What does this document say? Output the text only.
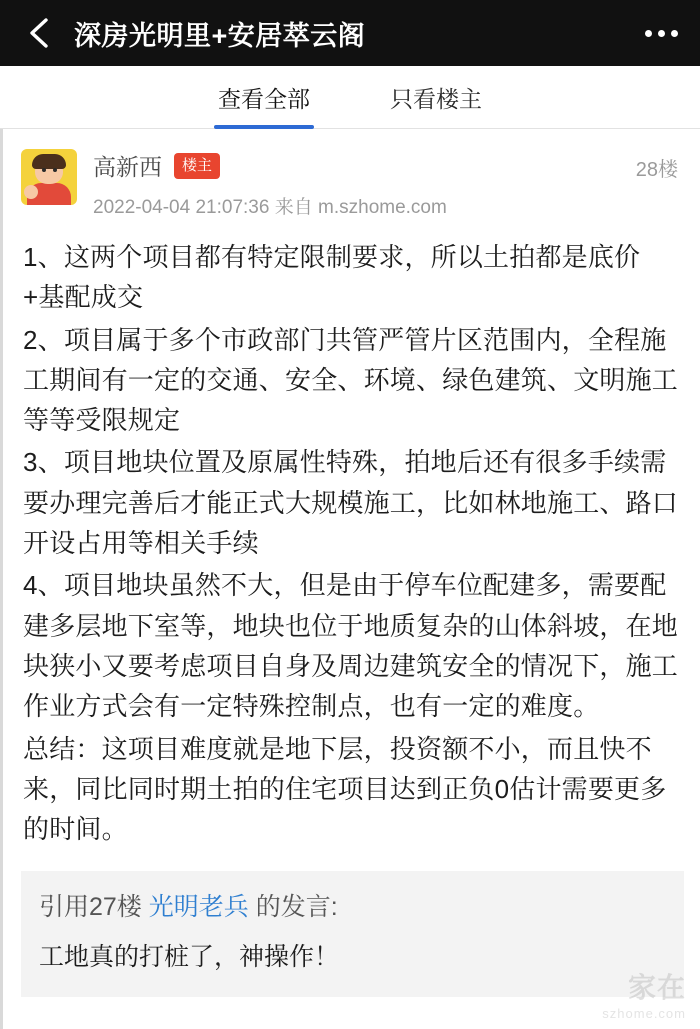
深房光明里+安居萃云阁
查看全部	只看楼主
高新西	楼主	28楼
2022-04-04 21:07:36 来自 m.szhome.com

1、这两个项目都有特定限制要求，所以土拍都是底价+基配成交

2、项目属于多个市政部门共管严管片区范围内，全程施工期间有一定的交通、安全、环境、绿色建筑、文明施工等等受限规定

3、项目地块位置及原属性特殊，拍地后还有很多手续需要办理完善后才能正式大规模施工，比如林地施工、路口开设占用等相关手续

4、项目地块虽然不大，但是由于停车位配建多，需要配建多层地下室等，地块也位于地质复杂的山体斜坡，在地块狭小又要考虑项目自身及周边建筑安全的情况下，施工作业方式会有一定特殊控制点，也有一定的难度。

总结：这项目难度就是地下层，投资额不小，而且快不来，同比同时期土拍的住宅项目达到正负0估计需要更多的时间。

引用27楼 光明老兵 的发言:
工地真的打桩了，神操作！
家在
szhome.com
